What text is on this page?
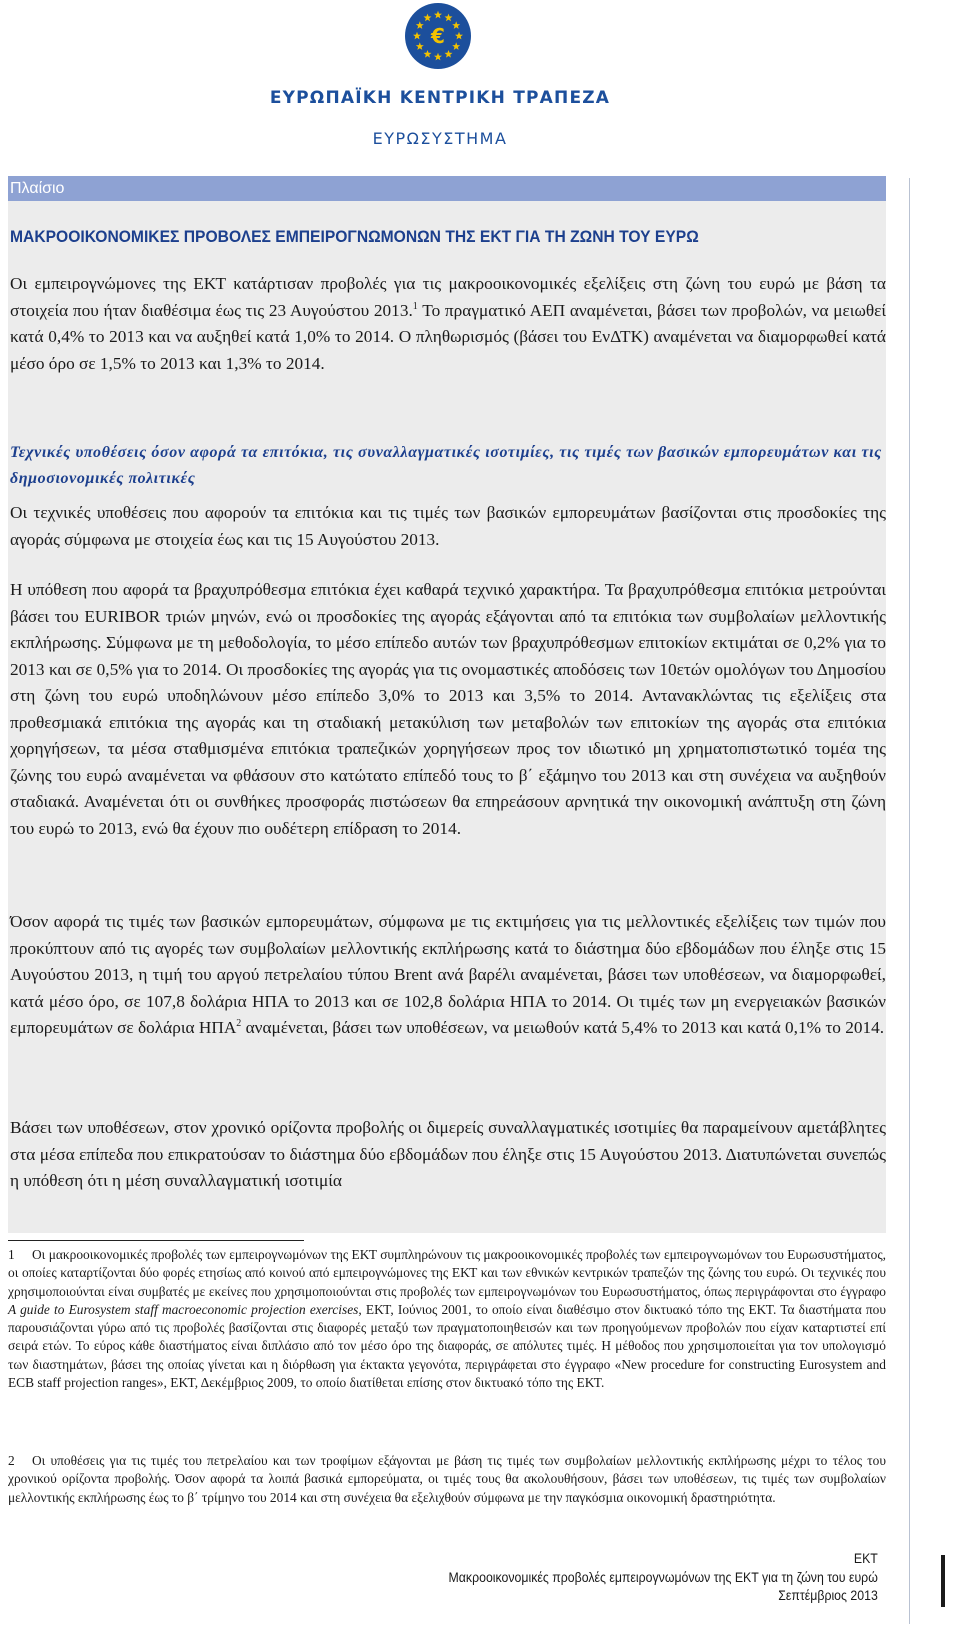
€
ΕΥΡΩΠΑΪΚΗ ΚΕΝΤΡΙΚΗ ΤΡΑΠΕΖΑ
ΕΥΡΩΣΥΣΤΗΜΑ
Πλαίσιο
ΜΑΚΡΟΟΙΚΟΝΟΜΙΚΕΣ ΠΡΟΒΟΛΕΣ ΕΜΠΕΙΡΟΓΝΩΜΟΝΩΝ ΤΗΣ ΕΚΤ ΓΙΑ ΤΗ ΖΩΝΗ ΤΟΥ ΕΥΡΩ

Οι εμπειρογνώμονες της ΕΚΤ κατάρτισαν προβολές για τις μακροοικονομικές εξελίξεις στη ζώνη του ευρώ με βάση τα στοιχεία που ήταν διαθέσιμα έως τις 23 Αυγούστου 2013.$^1$ Το πραγματικό ΑΕΠ αναμένεται, βάσει των προβολών, να μειωθεί κατά 0,4% το 2013 και να αυξηθεί κατά 1,0% το 2014. Ο πληθωρισμός (βάσει του ΕνΔΤΚ) αναμένεται να διαμορφωθεί κατά μέσο όρο σε 1,5% το 2013 και 1,3% το 2014.

Τεχνικές υποθέσεις όσον αφορά τα επιτόκια, τις συναλλαγματικές ισοτιμίες, τις τιμές των βασικών εμπορευμάτων και τις δημοσιονομικές πολιτικές

Οι τεχνικές υποθέσεις που αφορούν τα επιτόκια και τις τιμές των βασικών εμπορευμάτων βασίζονται στις προσδοκίες της αγοράς σύμφωνα με στοιχεία έως και τις 15 Αυγούστου 2013.

Η υπόθεση που αφορά τα βραχυπρόθεσμα επιτόκια έχει καθαρά τεχνικό χαρακτήρα. Τα βραχυπρόθεσμα επιτόκια μετρούνται βάσει του EURIBOR τριών μηνών, ενώ οι προσδοκίες της αγοράς εξάγονται από τα επιτόκια των συμβολαίων μελλοντικής εκπλήρωσης. Σύμφωνα με τη μεθοδολογία, το μέσο επίπεδο αυτών των βραχυπρόθεσμων επιτοκίων εκτιμάται σε 0,2% για το 2013 και σε 0,5% για το 2014. Οι προσδοκίες της αγοράς για τις ονομαστικές αποδόσεις των 10ετών ομολόγων του Δημοσίου στη ζώνη του ευρώ υποδηλώνουν μέσο επίπεδο 3,0% το 2013 και 3,5% το 2014. Αντανακλώντας τις εξελίξεις στα προθεσμιακά επιτόκια της αγοράς και τη σταδιακή μετακύλιση των μεταβολών των επιτοκίων της αγοράς στα επιτόκια χορηγήσεων, τα μέσα σταθμισμένα επιτόκια τραπεζικών χορηγήσεων προς τον ιδιωτικό μη χρηματοπιστωτικό τομέα της ζώνης του ευρώ αναμένεται να φθάσουν στο κατώτατο επίπεδό τους το β΄ εξάμηνο του 2013 και στη συνέχεια να αυξηθούν σταδιακά. Αναμένεται ότι οι συνθήκες προσφοράς πιστώσεων θα επηρεάσουν αρνητικά την οικονομική ανάπτυξη στη ζώνη του ευρώ το 2013, ενώ θα έχουν πιο ουδέτερη επίδραση το 2014.

Όσον αφορά τις τιμές των βασικών εμπορευμάτων, σύμφωνα με τις εκτιμήσεις για τις μελλοντικές εξελίξεις των τιμών που προκύπτουν από τις αγορές των συμβολαίων μελλοντικής εκπλήρωσης κατά το διάστημα δύο εβδομάδων που έληξε στις 15 Αυγούστου 2013, η τιμή του αργού πετρελαίου τύπου Brent ανά βαρέλι αναμένεται, βάσει των υποθέσεων, να διαμορφωθεί, κατά μέσο όρο, σε 107,8 δολάρια ΗΠΑ το 2013 και σε 102,8 δολάρια ΗΠΑ το 2014. Οι τιμές των μη ενεργειακών βασικών εμπορευμάτων σε δολάρια ΗΠΑ$^2$ αναμένεται, βάσει των υποθέσεων, να μειωθούν κατά 5,4% το 2013 και κατά 0,1% το 2014.

Βάσει των υποθέσεων, στον χρονικό ορίζοντα προβολής οι διμερείς συναλλαγματικές ισοτιμίες θα παραμείνουν αμετάβλητες στα μέσα επίπεδα που επικρατούσαν το διάστημα δύο εβδομάδων που έληξε στις 15 Αυγούστου 2013. Διατυπώνεται συνεπώς η υπόθεση ότι η μέση συναλλαγματική ισοτιμία

1 Οι μακροοικονομικές προβολές των εμπειρογνωμόνων της ΕΚΤ συμπληρώνουν τις μακροοικονομικές προβολές των εμπειρογνωμόνων του Ευρωσυστήματος, οι οποίες καταρτίζονται δύο φορές ετησίως από κοινού από εμπειρογνώμονες της ΕΚΤ και των εθνικών κεντρικών τραπεζών της ζώνης του ευρώ. Οι τεχνικές που χρησιμοποιούνται είναι συμβατές με εκείνες που χρησιμοποιούνται στις προβολές των εμπειρογνωμόνων του Ευρωσυστήματος, όπως περιγράφονται στο έγγραφο A guide to Eurosystem staff macroeconomic projection exercises, ΕΚΤ, Ιούνιος 2001, το οποίο είναι διαθέσιμο στον δικτυακό τόπο της ΕΚΤ. Τα διαστήματα που παρουσιάζονται γύρω από τις προβολές βασίζονται στις διαφορές μεταξύ των πραγματοποιηθεισών και των προηγούμενων προβολών που είχαν καταρτιστεί επί σειρά ετών. Το εύρος κάθε διαστήματος είναι διπλάσιο από τον μέσο όρο της διαφοράς, σε απόλυτες τιμές. Η μέθοδος που χρησιμοποιείται για τον υπολογισμό των διαστημάτων, βάσει της οποίας γίνεται και η διόρθωση για έκτακτα γεγονότα, περιγράφεται στο έγγραφο «New procedure for constructing Eurosystem and ECB staff projection ranges», ΕΚΤ, Δεκέμβριος 2009, το οποίο διατίθεται επίσης στον δικτυακό τόπο της ΕΚΤ.

2 Οι υποθέσεις για τις τιμές του πετρελαίου και των τροφίμων εξάγονται με βάση τις τιμές των συμβολαίων μελλοντικής εκπλήρωσης μέχρι το τέλος του χρονικού ορίζοντα προβολής. Όσον αφορά τα λοιπά βασικά εμπορεύματα, οι τιμές τους θα ακολουθήσουν, βάσει των υποθέσεων, τις τιμές των συμβολαίων μελλοντικής εκπλήρωσης έως το β΄ τρίμηνο του 2014 και στη συνέχεια θα εξελιχθούν σύμφωνα με την παγκόσμια οικονομική δραστηριότητα.

ΕΚΤ
Μακροοικονομικές προβολές εμπειρογνωμόνων της ΕΚΤ για τη ζώνη του ευρώ
Σεπτέμβριος 2013
